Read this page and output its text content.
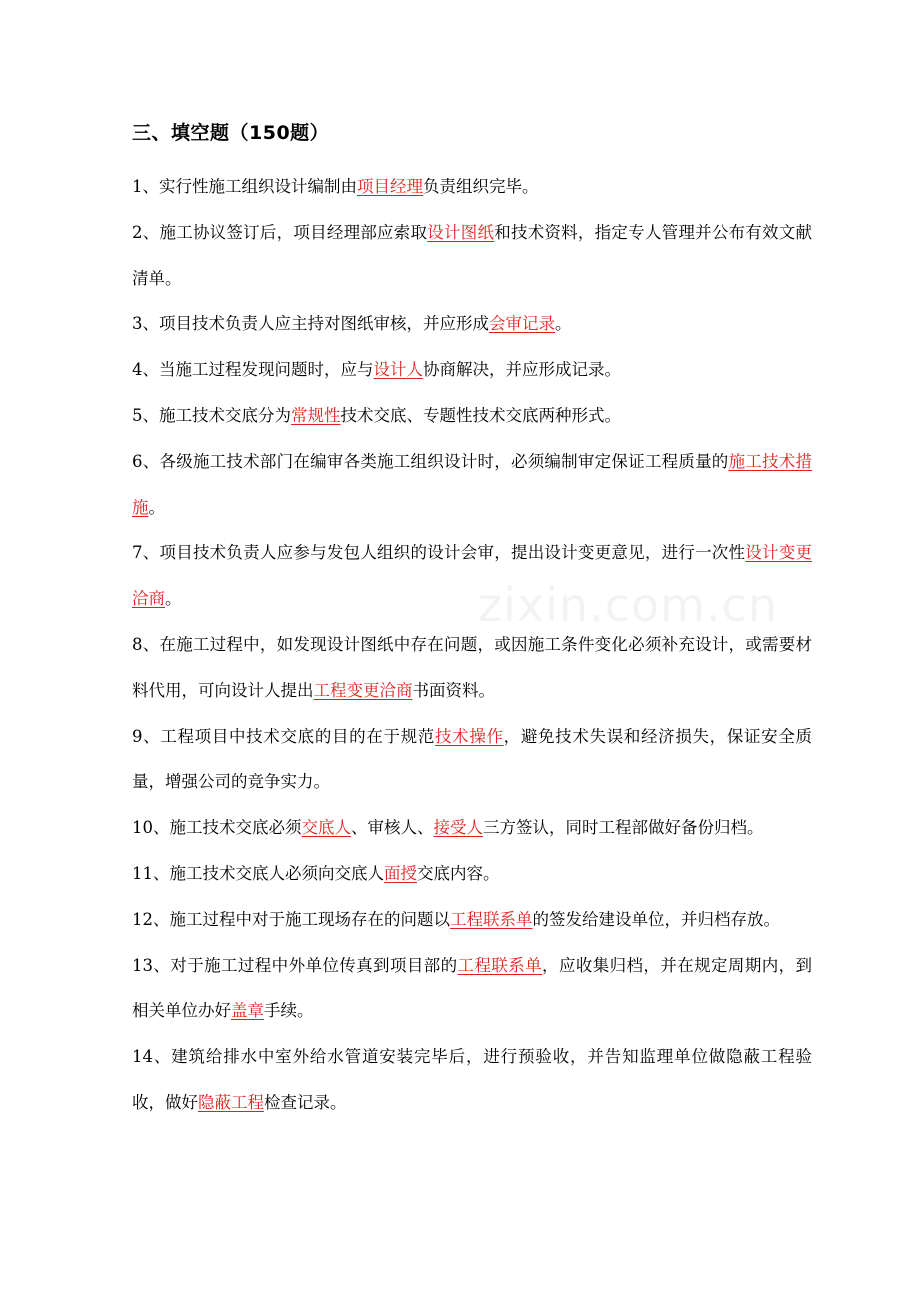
三、填空题（150题）

1、实行性施工组织设计编制由项目经理负责组织完毕。

2、施工协议签订后，项目经理部应索取设计图纸和技术资料，指定专人管理并公布有效文献清单。

3、项目技术负责人应主持对图纸审核，并应形成会审记录。

4、当施工过程发现问题时，应与设计人协商解决，并应形成记录。

5、施工技术交底分为常规性技术交底、专题性技术交底两种形式。

6、各级施工技术部门在编审各类施工组织设计时，必须编制审定保证工程质量的施工技术措施。

7、项目技术负责人应参与发包人组织的设计会审，提出设计变更意见，进行一次性设计变更洽商。

8、在施工过程中，如发现设计图纸中存在问题，或因施工条件变化必须补充设计，或需要材料代用，可向设计人提出工程变更洽商书面资料。

9、工程项目中技术交底的目的在于规范技术操作，避免技术失误和经济损失，保证安全质量，增强公司的竞争实力。

10、施工技术交底必须交底人、审核人、接受人三方签认，同时工程部做好备份归档。

11、施工技术交底人必须向交底人面授交底内容。

12、施工过程中对于施工现场存在的问题以工程联系单的签发给建设单位，并归档存放。

13、对于施工过程中外单位传真到项目部的工程联系单，应收集归档，并在规定周期内，到相关单位办好盖章手续。

14、建筑给排水中室外给水管道安装完毕后，进行预验收，并告知监理单位做隐蔽工程验收，做好隐蔽工程检查记录。
